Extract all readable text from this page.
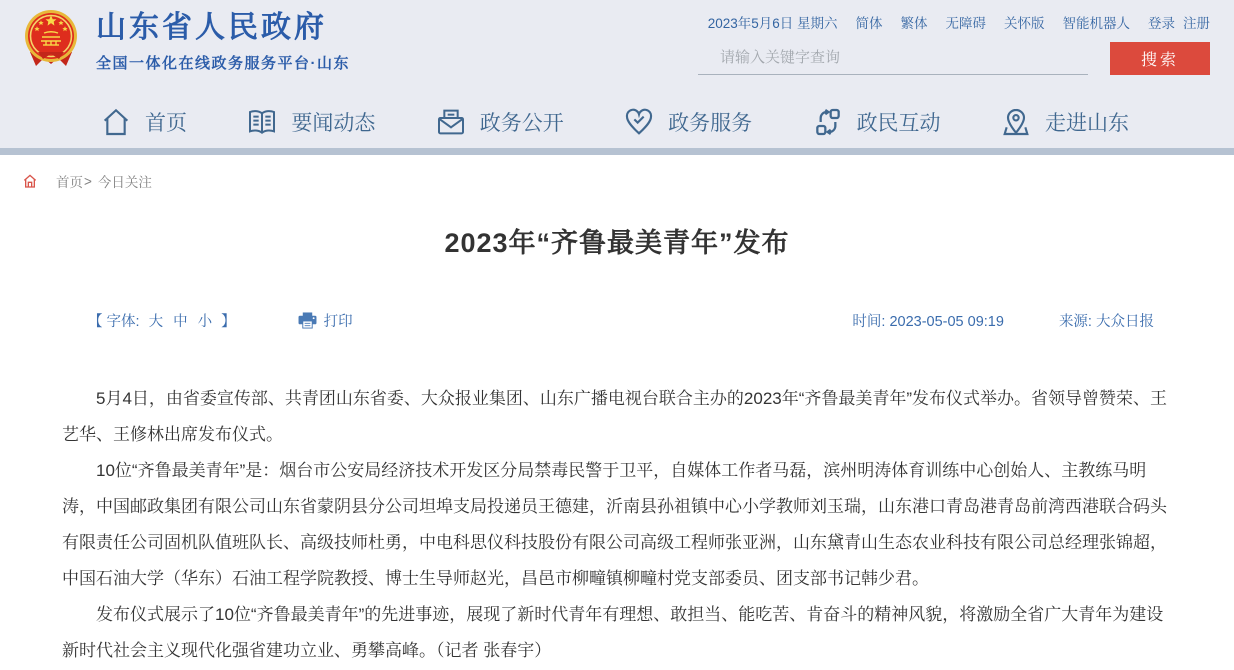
山东省人民政府
全国一体化在线政务服务平台·山东
2023年5月6日 星期六 简体 繁体 无障碍 关怀版 智能机器人 登录 注册
请输入关键字查询
搜索
首页	要闻动态	政务公开	政务服务	政民互动	走进山东
首页 > 今日关注
2023年“齐鲁最美青年”发布
【 字体: 大 中 小 】	打印	时间: 2023-05-05 09:19	来源: 大众日报

5月4日，由省委宣传部、共青团山东省委、大众报业集团、山东广播电视台联合主办的2023年“齐鲁最美青年”发布仪式举办。省领导曾赞荣、王艺华、王修林出席发布仪式。

10位“齐鲁最美青年”是：烟台市公安局经济技术开发区分局禁毒民警于卫平，自媒体工作者马磊，滨州明涛体育训练中心创始人、主教练马明涛，中国邮政集团有限公司山东省蒙阴县分公司坦埠支局投递员王德建，沂南县孙祖镇中心小学教师刘玉瑞，山东港口青岛港青岛前湾西港联合码头有限责任公司固机队值班队长、高级技师杜勇，中电科思仪科技股份有限公司高级工程师张亚洲，山东黛青山生态农业科技有限公司总经理张锦超，中国石油大学（华东）石油工程学院教授、博士生导师赵光，昌邑市柳疃镇柳疃村党支部委员、团支部书记韩少君。

发布仪式展示了10位“齐鲁最美青年”的先进事迹，展现了新时代青年有理想、敢担当、能吃苦、肯奋斗的精神风貌，将激励全省广大青年为建设新时代社会主义现代化强省建功立业、勇攀高峰。（记者 张春宇）
